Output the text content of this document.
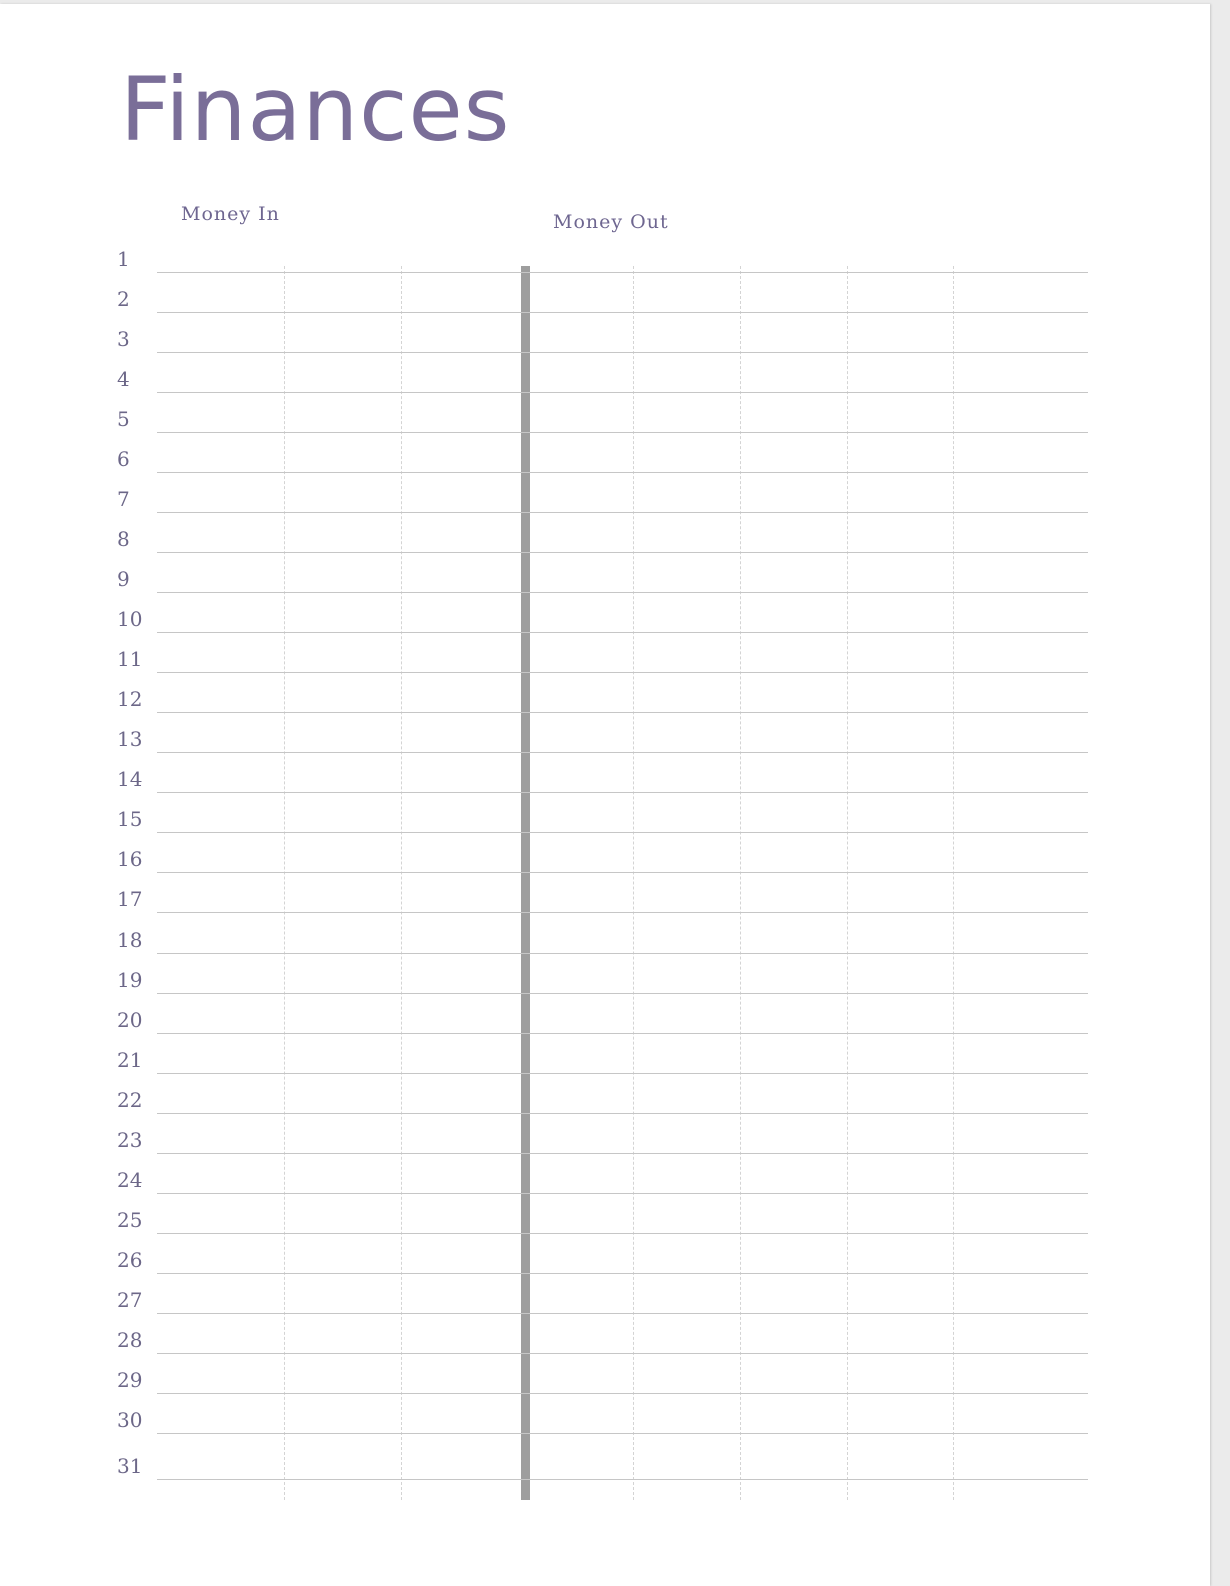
Finances

Money In	Money Out

1
2
3
4
5
6
7
8
9
10
11
12
13
14
15
16
17
18
19
20
21
22
23
24
25
26
27
28
29
30
31
